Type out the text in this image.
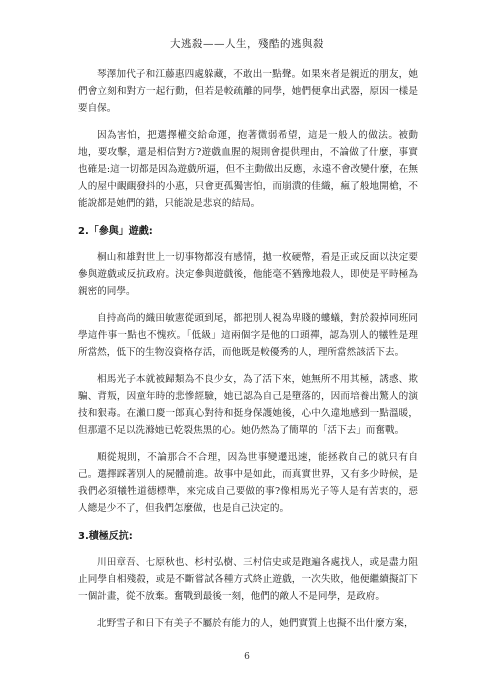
大逃殺——人生，殘酷的逃與殺

琴澤加代子和江藤惠四處躲藏，不敢出一點聲。如果來者是親近的朋友，她們會立刻和對方一起行動，但若是較疏離的同學，她們便拿出武器，原因一樣是要自保。

因為害怕，把選擇權交給命運，抱著微弱希望，這是一般人的做法。被動地，要攻擊，還是相信對方?遊戲血腥的規則會提供理由，不論做了什麼，事實也確是:這一切都是因為遊戲所逼，但不主動做出反應，永遠不會改變什麼，在無人的屋中靦靦發抖的小惠，只會更孤獨害怕，而崩潰的佳織，瘋了般地開槍，不能說都是她們的錯，只能說是悲哀的結局。

2.「參與」遊戲:

桐山和雄對世上一切事物都沒有感情，拋一枚硬幣，看是正或反面以決定要參與遊戲或反抗政府。決定參與遊戲後，他能毫不猶豫地殺人，即使是平時極為親密的同學。

自持高尚的織田敏憲從頭到尾，都把別人視為卑賤的螻蟻，對於殺掉同班同學這件事一點也不愧疚。「低級」這兩個字是他的口頭禪，認為別人的犧牲是理所當然，低下的生物沒資格存活，而他既是較優秀的人，理所當然該活下去。

相馬光子本就被歸類為不良少女，為了活下來，她無所不用其極，誘惑、欺騙、背叛，因童年時的悲慘經驗，她已認為自己是墮落的，因而培養出驚人的演技和狠毒。在瀨口慶一郎真心對待和挺身保護她後，心中久違地感到一點溫暖，但那還不足以洗滌她已乾裂焦黑的心。她仍然為了簡單的「活下去」而奮戰。

順從規則，不論那合不合理，因為世事變遷迅速，能拯救自己的就只有自己。選擇踩著別人的屍體前進。故事中是如此，而真實世界，又有多少時候，是我們必須犧牲道德標準，來完成自己要做的事?像相馬光子等人是有苦衷的，惡人總是少不了，但我們怎麼做，也是自己決定的。

3.積極反抗:

川田章吾、七原秋也、杉村弘樹、三村信史或是跑遍各處找人，或是盡力阻止同學自相殘殺，或是不斷嘗試各種方式終止遊戲，一次失敗，他便繼續擬訂下一個計畫，從不放棄。奮戰到最後一刻，他們的敵人不是同學，是政府。

北野雪子和日下有美子不屬於有能力的人，她們實質上也擬不出什麼方案，

6
